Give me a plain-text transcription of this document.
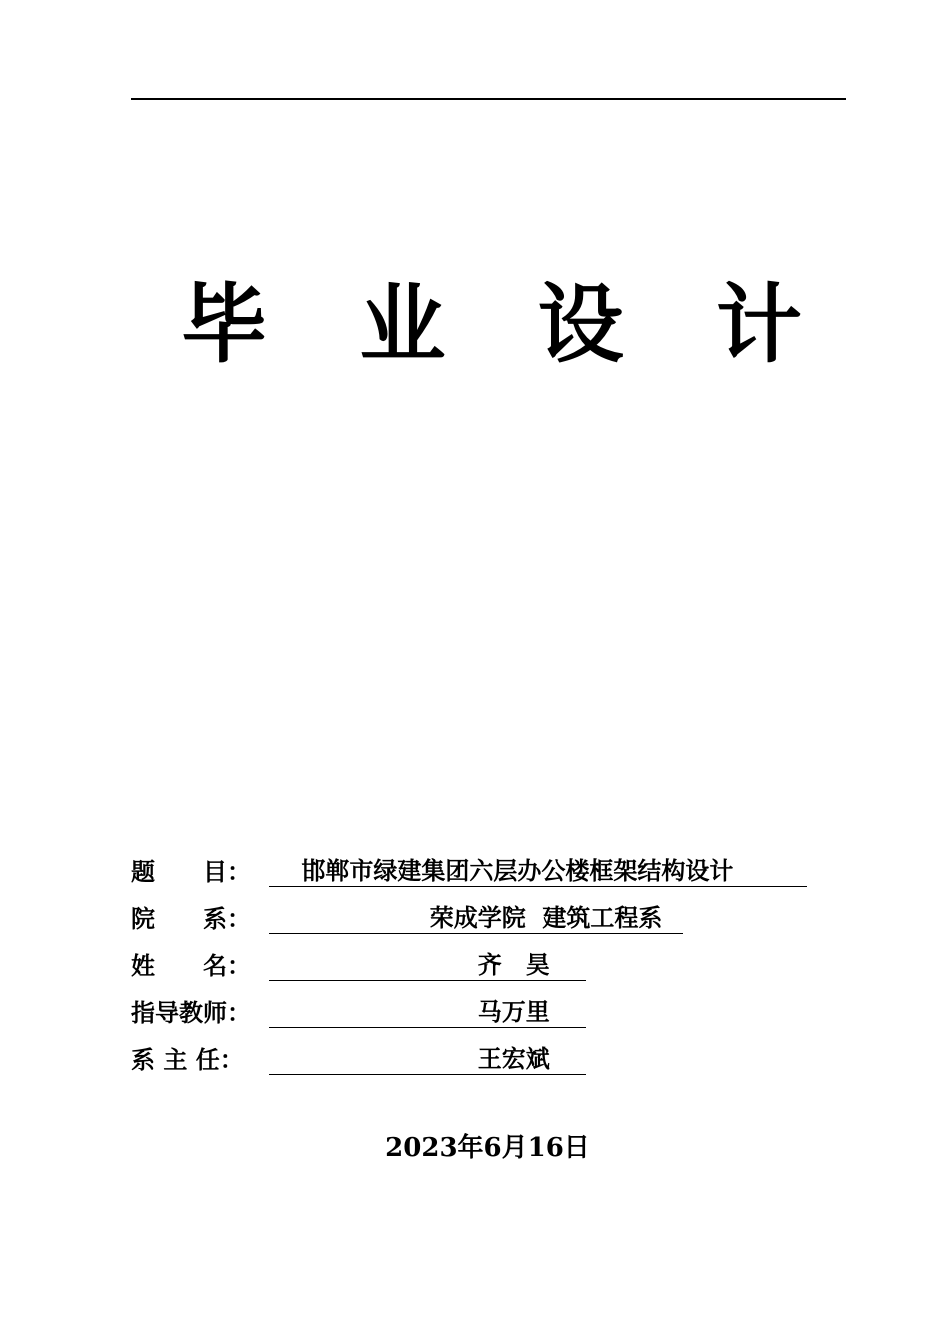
毕 业 设 计
题　　目： 　 邯郸市绿建集团六层办公楼框架结构设计
院　　系： 　　　　　　  荣成学院  建筑工程系
姓　　名： 　　　　　　　　  齐　昊
指导教师： 　　　　　　　　  马万里
系 主 任：	　　　　　　　　  王宏斌
2023年6月16日
